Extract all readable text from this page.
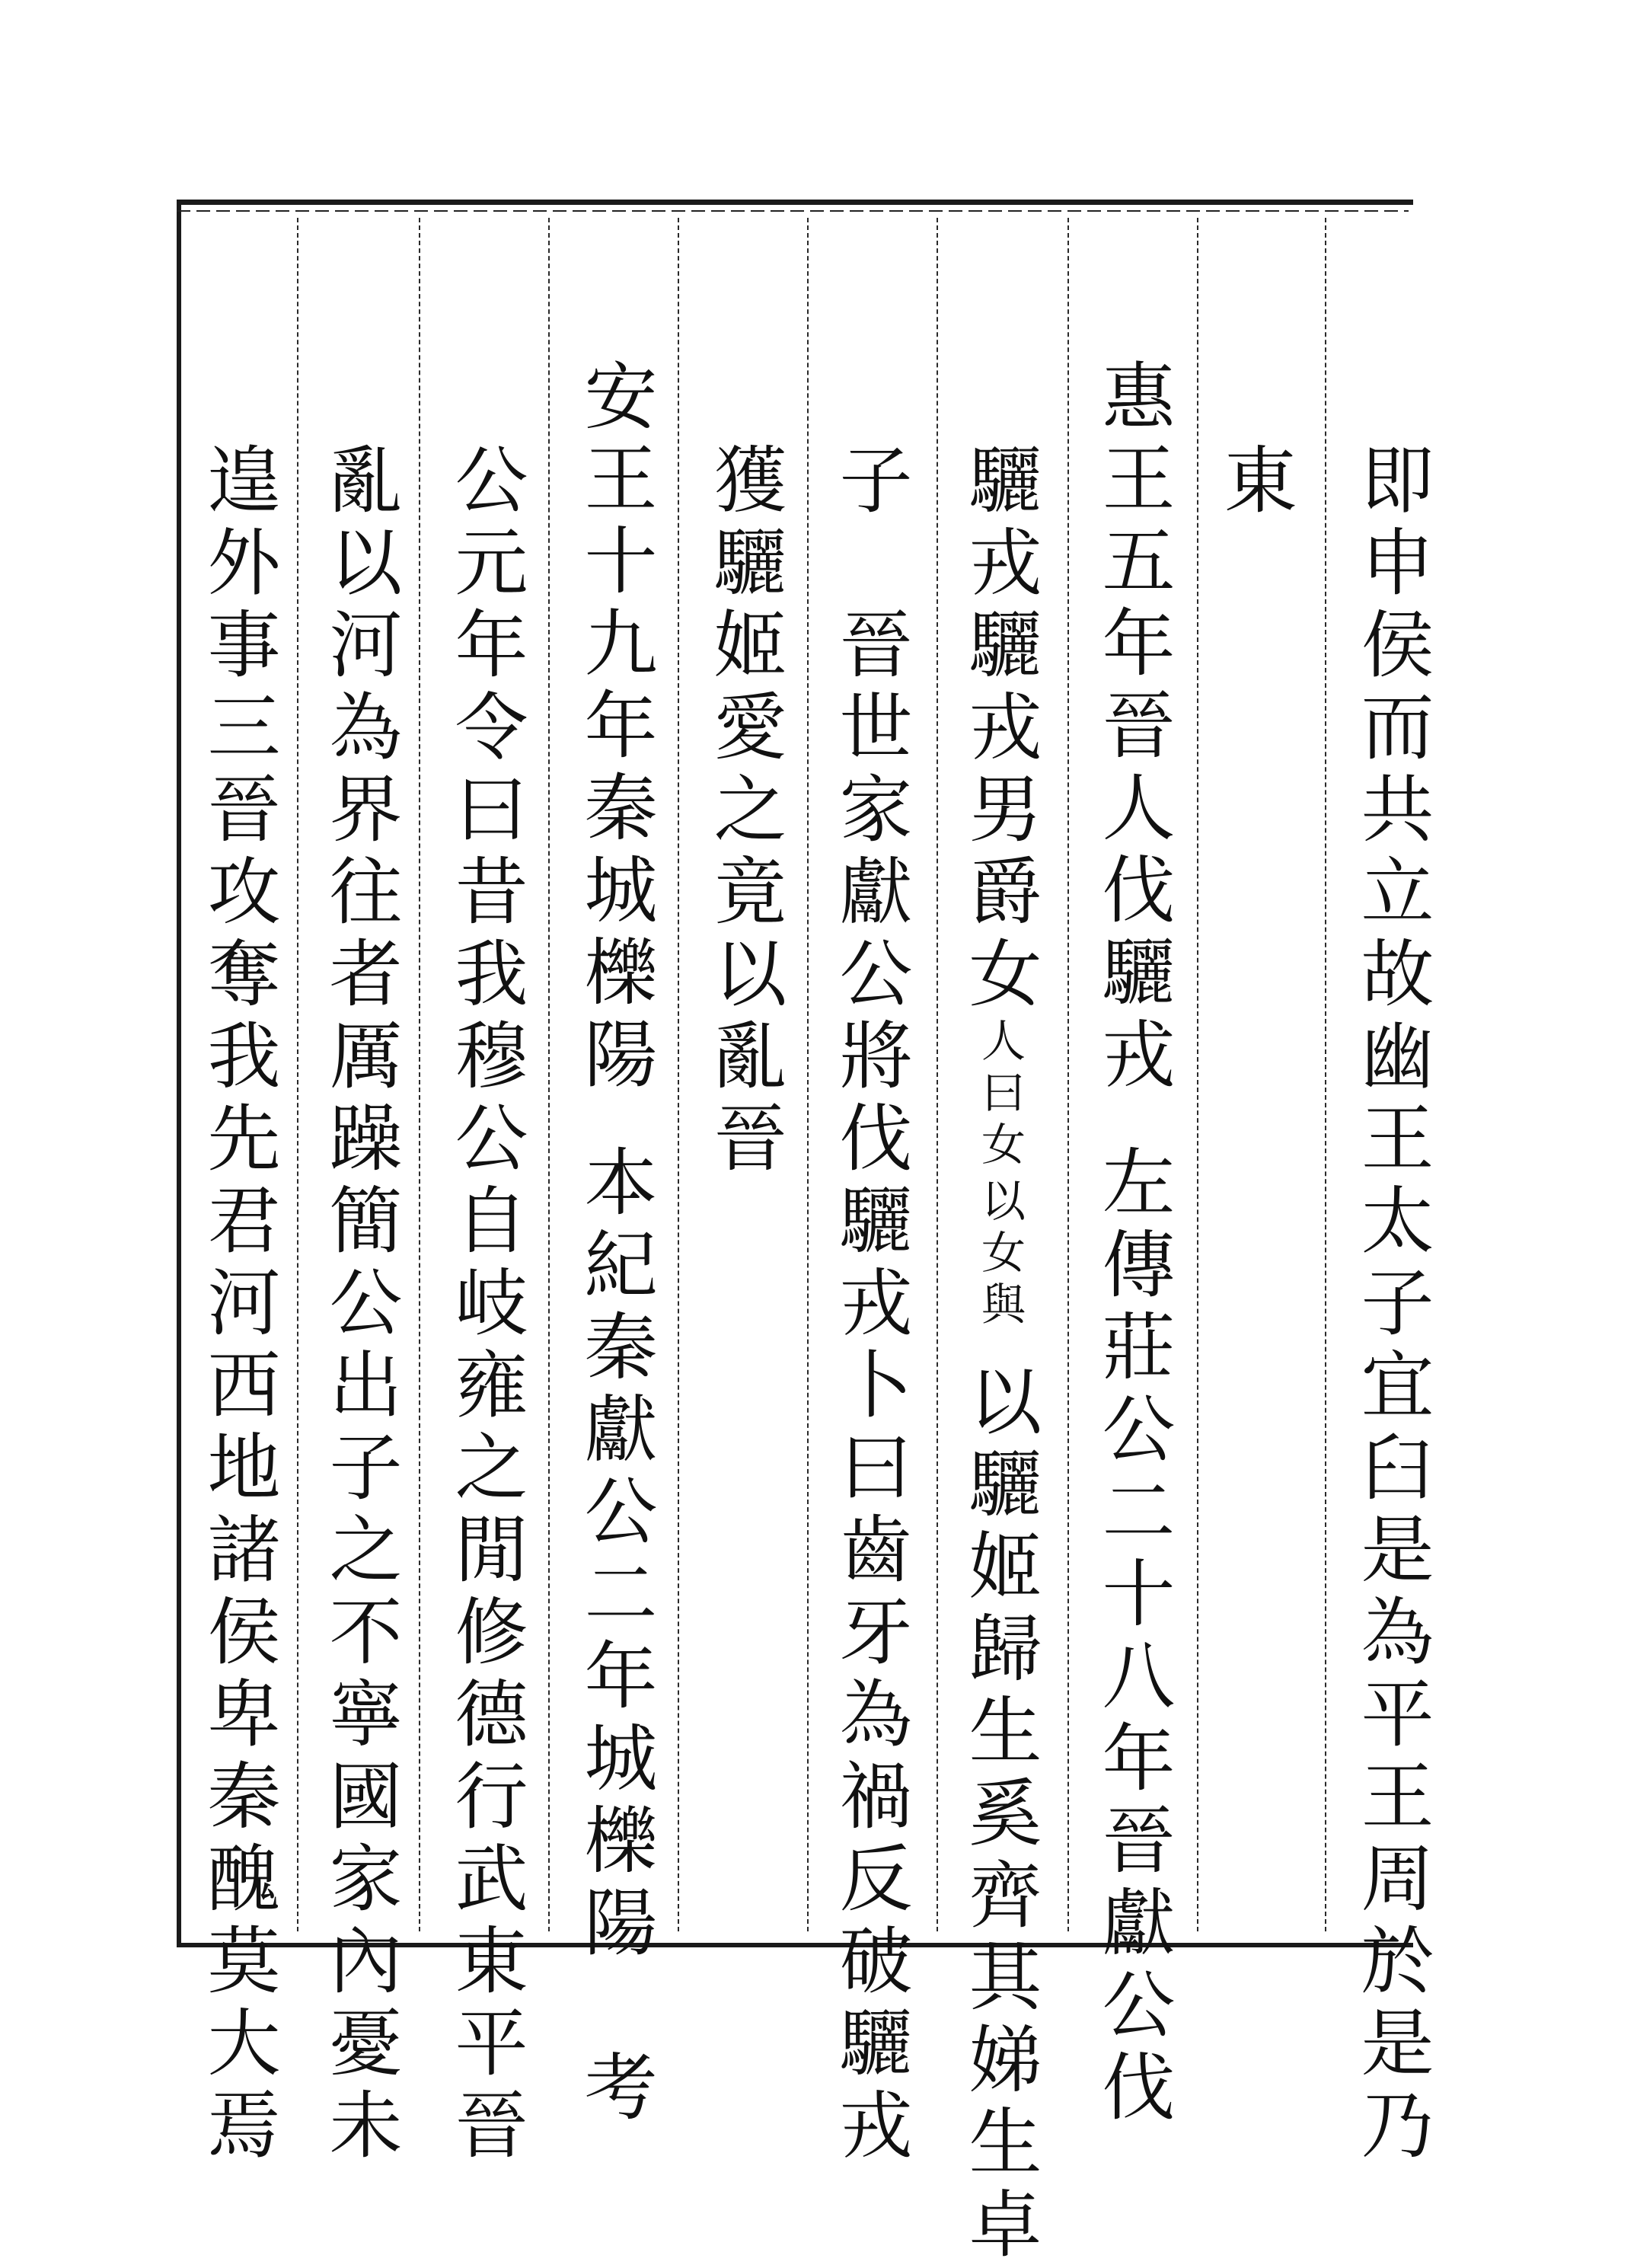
即申侯而共立故幽王太子宜臼是為平王周於是乃
東
惠王五年晉人伐驪戎左傳莊公二十八年晉獻公伐
驪戎驪戎男爵女
以女與
人曰女
以驪姬歸生奚齊其娣生卓
子　晉世家獻公將伐驪戎卜曰齒牙為禍反破驪戎
獲驪姬愛之竟以亂晉
安王十九年秦城櫟陽本紀秦獻公二年城櫟陽　考
公元年令曰昔我穆公自岐雍之閒修德行武東平晉
亂以河為界往者厲躁簡公出子之不寧國家內憂未
遑外事三晉攻奪我先君河西地諸侯卑秦醜莫大焉
